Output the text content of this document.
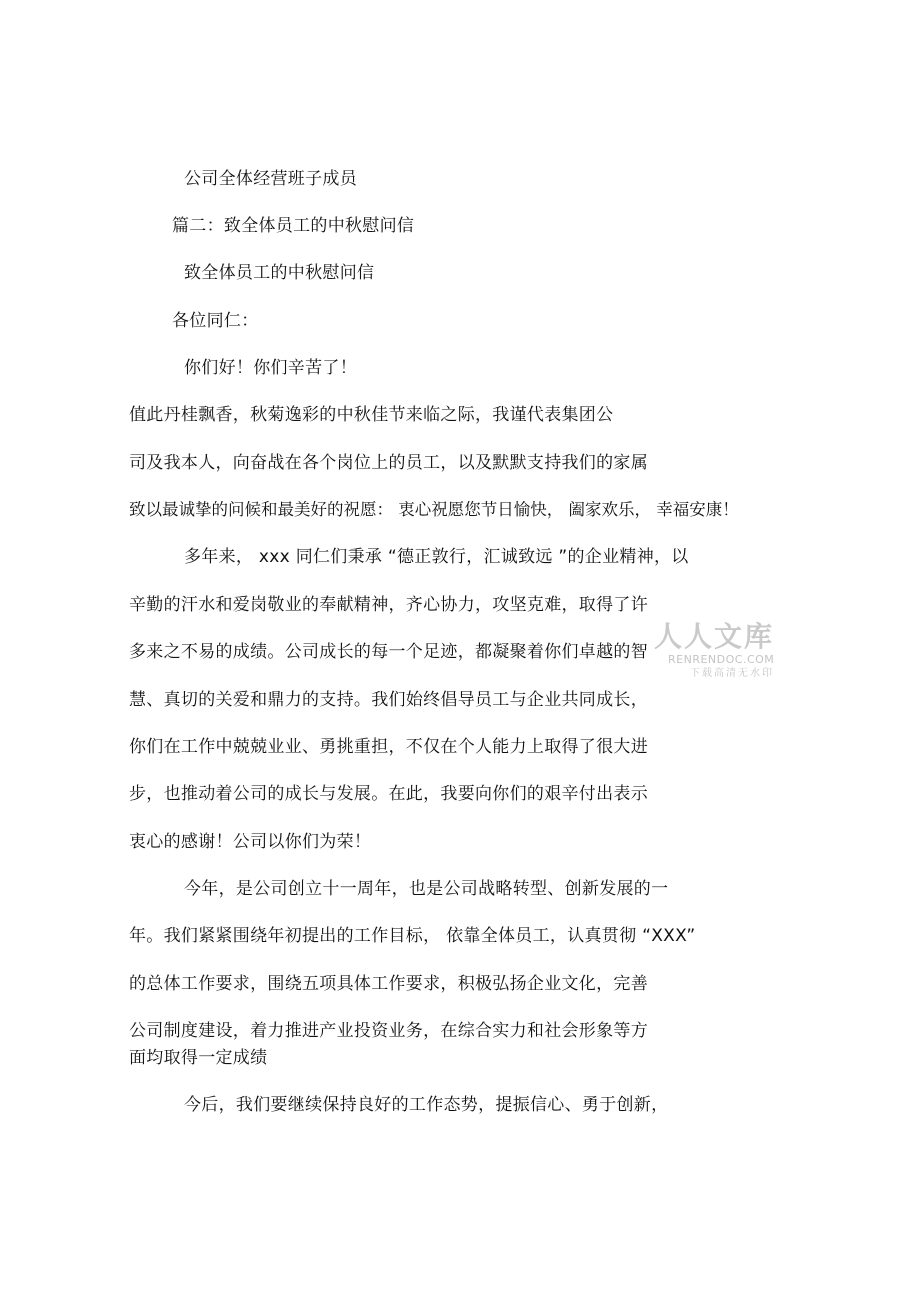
公司全体经营班子成员
篇二：致全体员工的中秋慰问信
致全体员工的中秋慰问信
各位同仁：
你们好！你们辛苦了！
值此丹桂飘香，秋菊逸彩的中秋佳节来临之际，我谨代表集团公
司及我本人，向奋战在各个岗位上的员工，以及默默支持我们的家属
致以最诚挚的问候和最美好的祝愿： 衷心祝愿您节日愉快， 阖家欢乐， 幸福安康！
多年来， xxx 同仁们秉承 “德正敦行，汇诚致远 ”的企业精神，以
辛勤的汗水和爱岗敬业的奉献精神，齐心协力，攻坚克难，取得了许
多来之不易的成绩。公司成长的每一个足迹，都凝聚着你们卓越的智
慧、真切的关爱和鼎力的支持。我们始终倡导员工与企业共同成长，
你们在工作中兢兢业业、勇挑重担，不仅在个人能力上取得了很大进
步，也推动着公司的成长与发展。在此，我要向你们的艰辛付出表示
衷心的感谢！公司以你们为荣！
今年，是公司创立十一周年，也是公司战略转型、创新发展的一
年。我们紧紧围绕年初提出的工作目标， 依靠全体员工，认真贯彻 “XXX”
的总体工作要求，围绕五项具体工作要求，积极弘扬企业文化，完善
公司制度建设，着力推进产业投资业务，在综合实力和社会形象等方
面均取得一定成绩
今后，我们要继续保持良好的工作态势，提振信心、勇于创新，
人人文库
RENRENDOC.COM
下载高清无水印
